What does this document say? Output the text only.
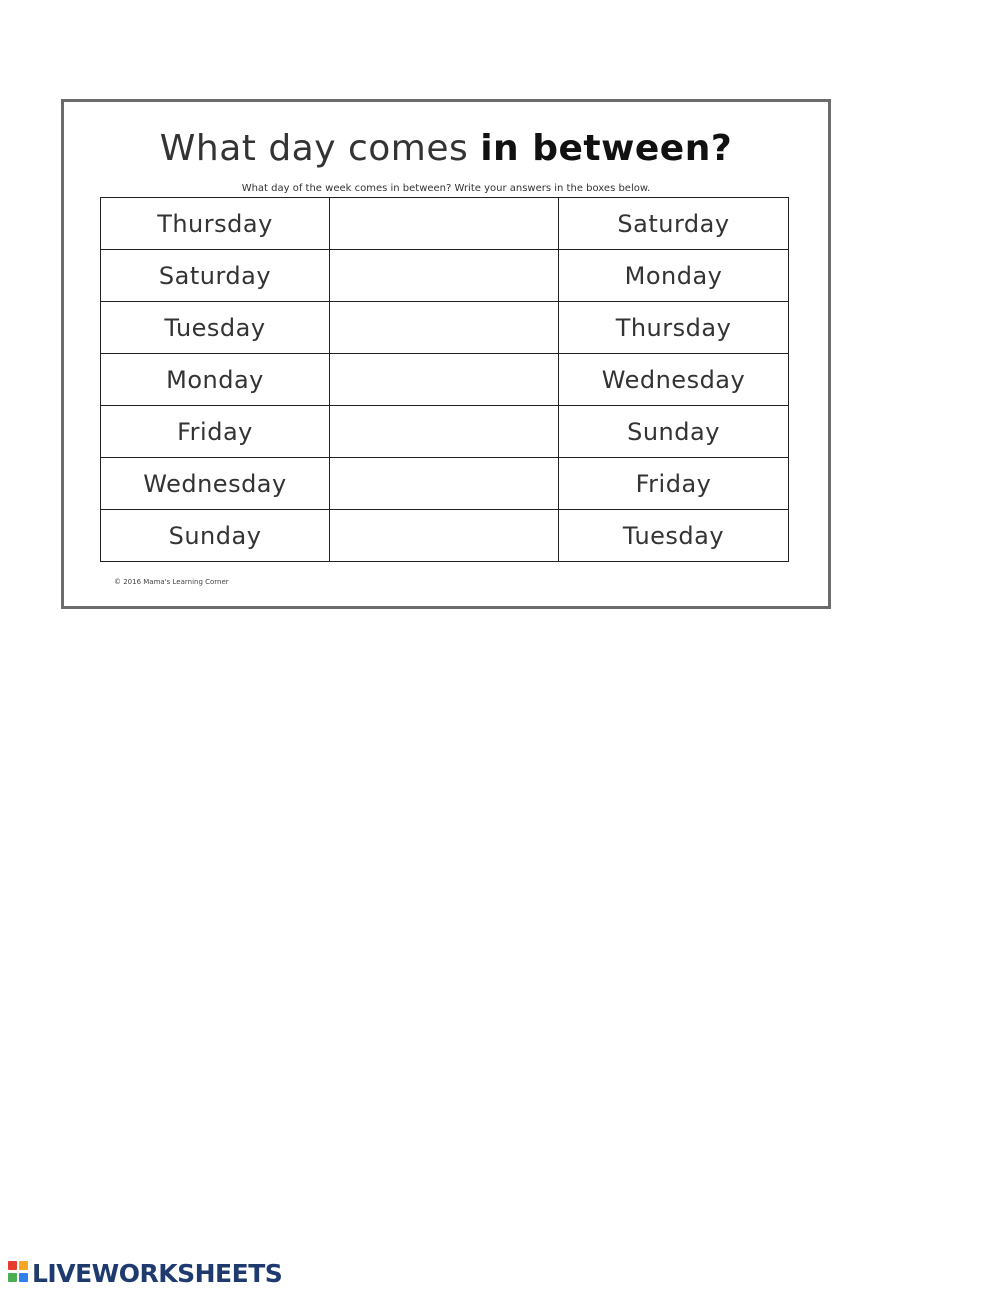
What day comes in between?
What day of the week comes in between? Write your answers in the boxes below.
Thursday		Saturday
Saturday		Monday
Tuesday		Thursday
Monday		Wednesday
Friday		Sunday
Wednesday		Friday
Sunday		Tuesday
© 2016 Mama's Learning Corner
LIVEWORKSHEETS
